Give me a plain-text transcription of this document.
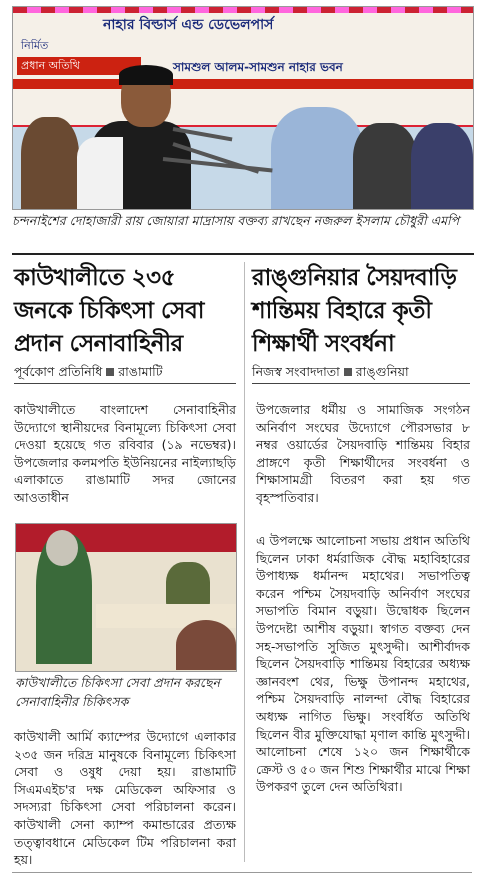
নাহার বিল্ডার্স এন্ড ডেভেলপার্স
নির্মিত
প্রধান অতিথি	সামশুল আলম-সামশুন নাহার ভবন
চন্দনাইশের দোহাজারী রায় জোয়ারা মাদ্রাসায় বক্তব্য রাখছেন নজরুল ইসলাম চৌধুরী এমপি
কাউখালীতে ২৩৫ জনকে চিকিৎসা সেবা প্রদান সেনাবাহিনীর
পূর্বকোণ প্রতিনিধি রাঙামাটি
কাউখালীতে বাংলাদেশ সেনাবাহিনীর উদ্যোগে স্থানীয়দের বিনামূল্যে চিকিৎসা সেবা দেওয়া হয়েছে গত রবিবার (১৯ নভেম্বর)। উপজেলার কলমপতি ইউনিয়নের নাইল্যাছড়ি এলাকাতে রাঙামাটি সদর জোনের আওতাধীন
কাউখালীতে চিকিৎসা সেবা প্রদান করছেন সেনাবাহিনীর চিকিৎসক
কাউখালী আর্মি ক্যাম্পের উদ্যোগে এলাকার ২৩৫ জন দরিদ্র মানুষকে বিনামূল্যে চিকিৎসা সেবা ও ওষুধ দেয়া হয়। রাঙামাটি সিএমএইচ'র দক্ষ মেডিকেল অফিসার ও সদস্যরা চিকিৎসা সেবা পরিচালনা করেন। কাউখালী সেনা ক্যাম্প কমান্ডারের প্রত্যক্ষ তত্ত্বাবধানে মেডিকেল টিম পরিচালনা করা হয়।
রাঙ্গুনিয়ার সৈয়দবাড়ি শান্তিময় বিহারে কৃতী শিক্ষার্থী সংবর্ধনা
নিজস্ব সংবাদদাতা রাঙ্গুনিয়া
উপজেলার ধর্মীয় ও সামাজিক সংগঠন অনির্বাণ সংঘের উদ্যোগে পৌরসভার ৮ নম্বর ওয়ার্ডের সৈয়দবাড়ি শান্তিময় বিহার প্রাঙ্গণে কৃতী শিক্ষার্থীদের সংবর্ধনা ও শিক্ষাসামগ্রী বিতরণ করা হয় গত বৃহস্পতিবার।
এ উপলক্ষে আলোচনা সভায় প্রধান অতিথি ছিলেন ঢাকা ধর্মরাজিক বৌদ্ধ মহাবিহারের উপাধ্যক্ষ ধর্মানন্দ মহাথের। সভাপতিত্ব করেন পশ্চিম সৈয়দবাড়ি অনির্বাণ সংঘের সভাপতি বিমান বড়ুয়া। উদ্বোধক ছিলেন উপদেষ্টা আশীষ বড়ুয়া। স্বাগত বক্তব্য দেন সহ-সভাপতি সুজিত মুৎসুদ্দী। আশীর্বাদক ছিলেন সৈয়দবাড়ি শান্তিময় বিহারের অধ্যক্ষ জ্ঞানবংশ থের, ভিক্ষু উপানন্দ মহাথের, পশ্চিম সৈয়দবাড়ি নালন্দা বৌদ্ধ বিহারের অধ্যক্ষ নাগিত ভিক্ষু। সংবর্ধিত অতিথি ছিলেন বীর মুক্তিযোদ্ধা মৃণাল কান্তি মুৎসুদ্দী। আলোচনা শেষে ১২০ জন শিক্ষার্থীকে ক্রেস্ট ও ৫০ জন শিশু শিক্ষার্থীর মাঝে শিক্ষা উপকরণ তুলে দেন অতিথিরা।
